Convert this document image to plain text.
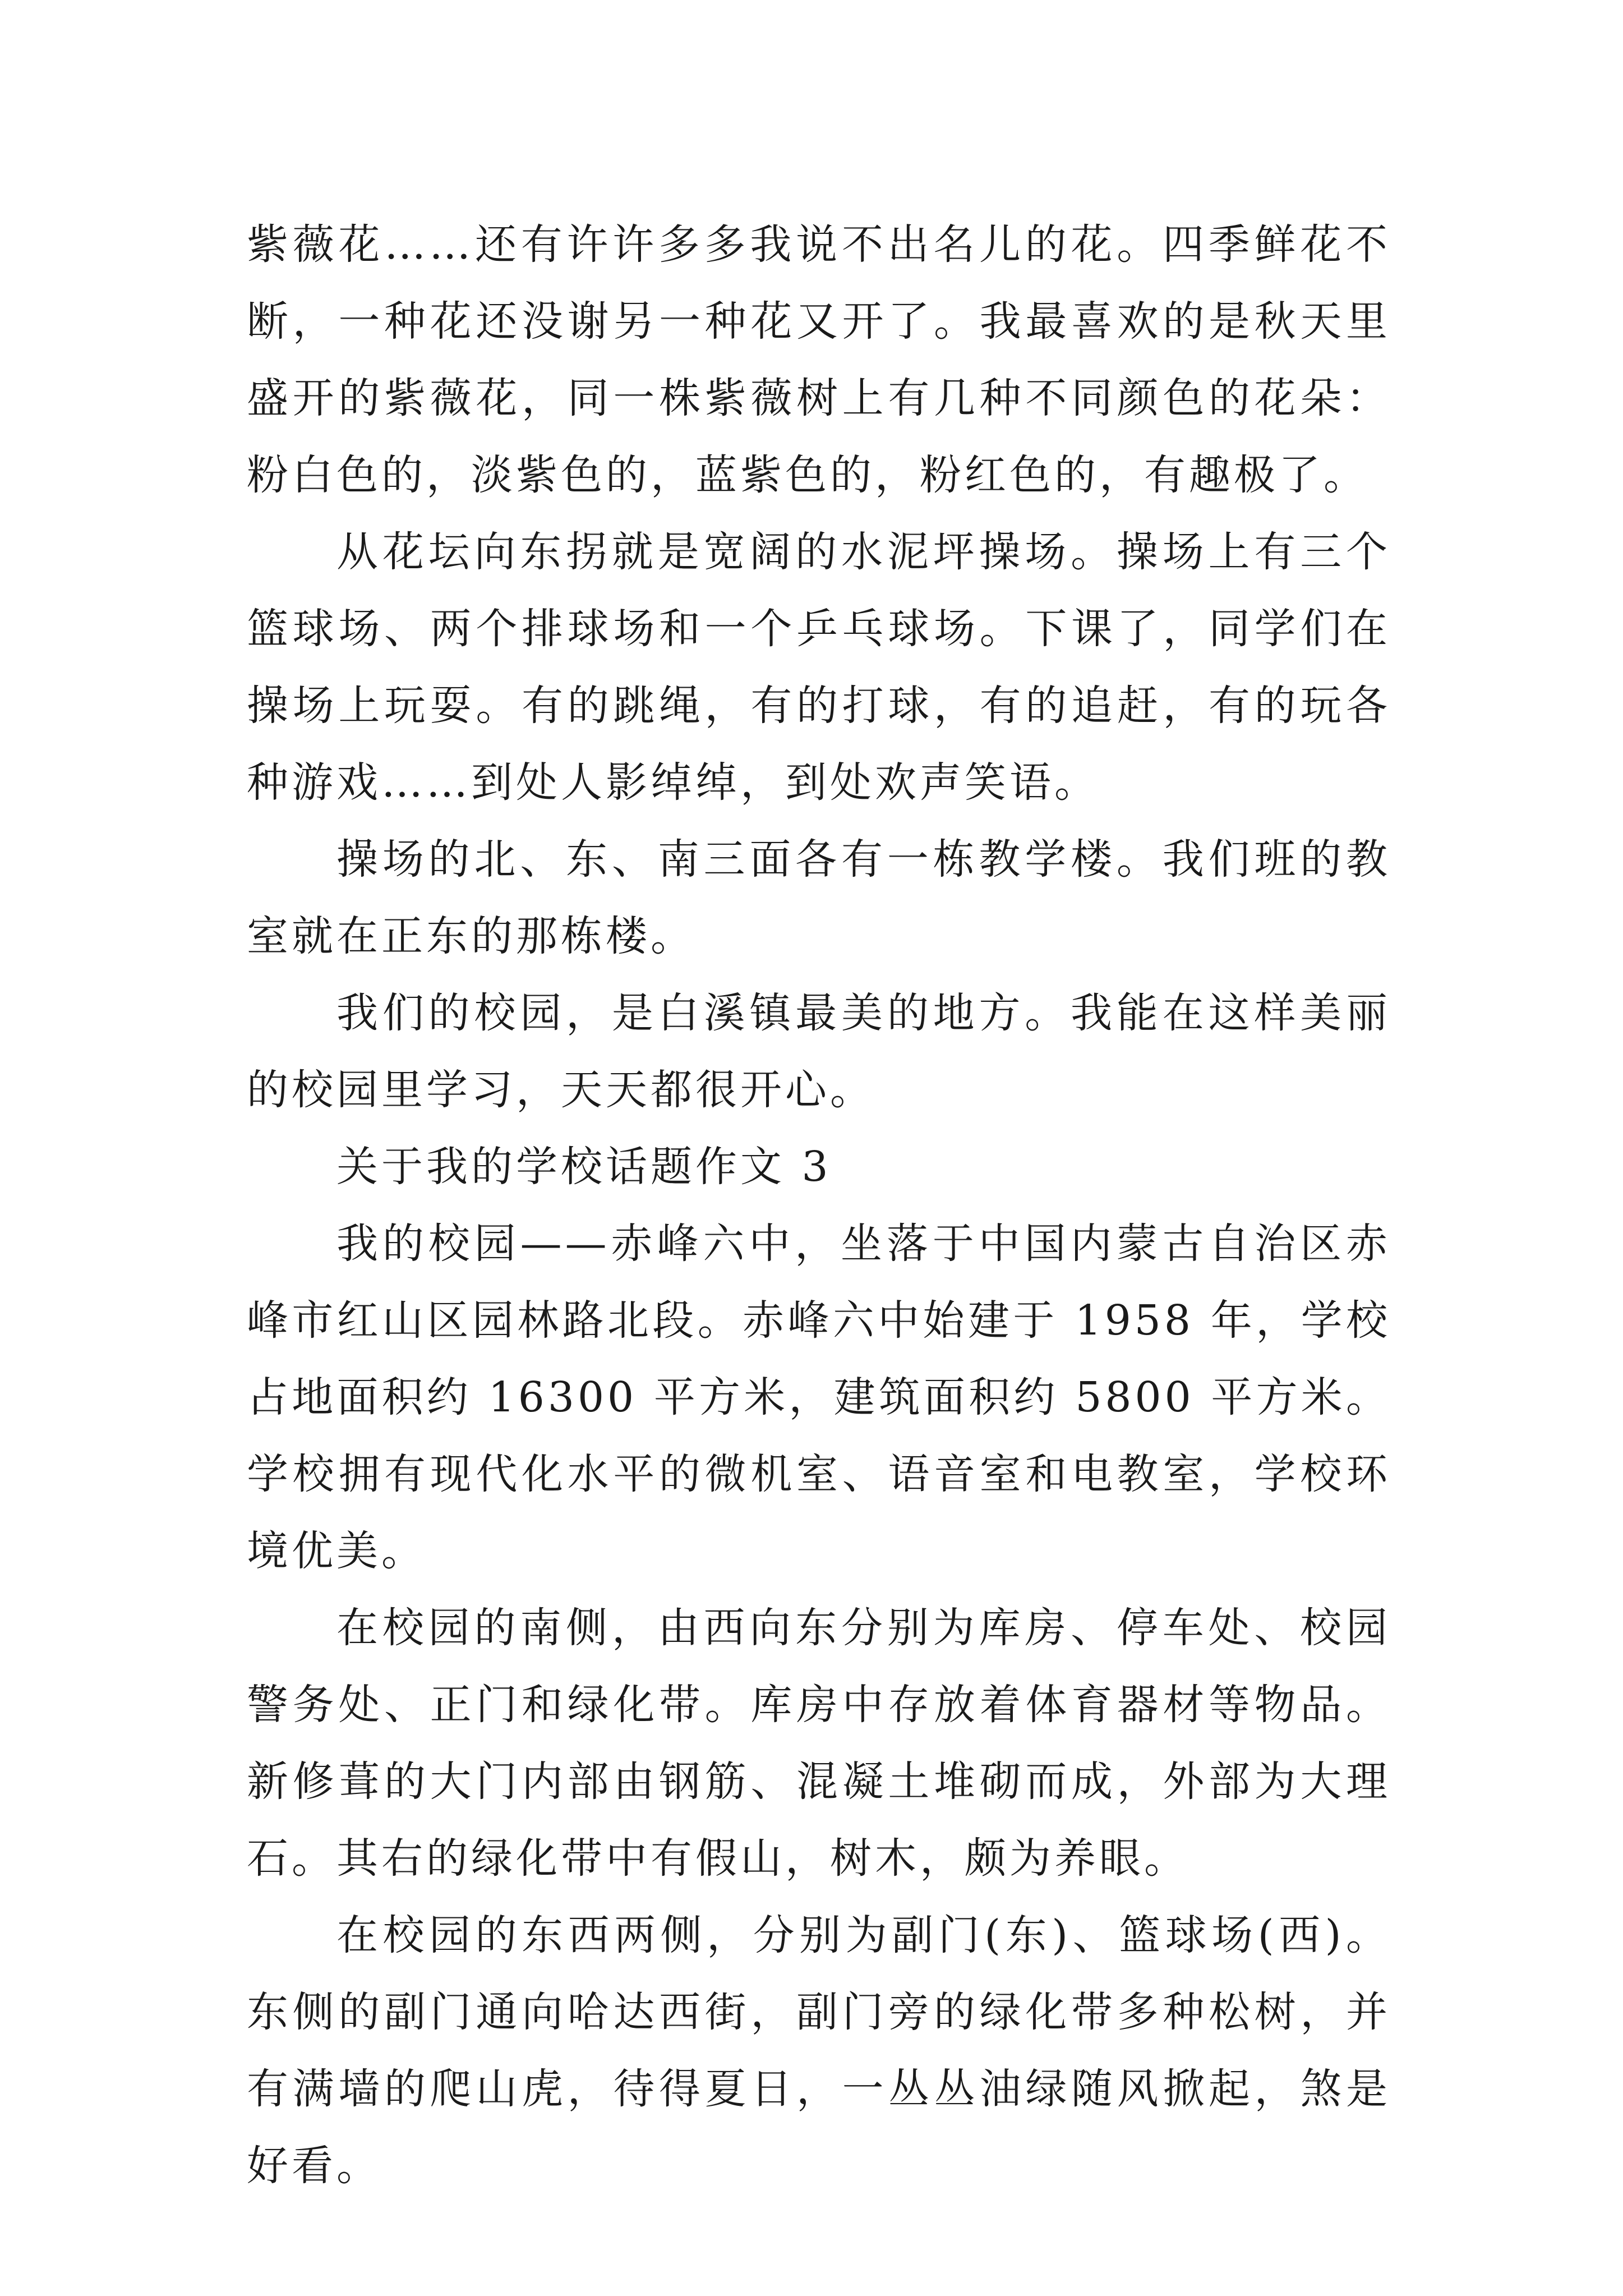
紫薇花……还有许许多多我说不出名儿的花。四季鲜花不断，一种花还没谢另一种花又开了。我最喜欢的是秋天里盛开的紫薇花，同一株紫薇树上有几种不同颜色的花朵：粉白色的，淡紫色的，蓝紫色的，粉红色的，有趣极了。

从花坛向东拐就是宽阔的水泥坪操场。操场上有三个篮球场、两个排球场和一个乒乓球场。下课了，同学们在操场上玩耍。有的跳绳，有的打球，有的追赶，有的玩各种游戏……到处人影绰绰，到处欢声笑语。

操场的北、东、南三面各有一栋教学楼。我们班的教室就在正东的那栋楼。

我们的校园，是白溪镇最美的地方。我能在这样美丽的校园里学习，天天都很开心。

关于我的学校话题作文 3

我的校园——赤峰六中，坐落于中国内蒙古自治区赤峰市红山区园林路北段。赤峰六中始建于 1958 年，学校占地面积约 16300 平方米，建筑面积约 5800 平方米。学校拥有现代化水平的微机室、语音室和电教室，学校环境优美。

在校园的南侧，由西向东分别为库房、停车处、校园警务处、正门和绿化带。库房中存放着体育器材等物品。新修葺的大门内部由钢筋、混凝土堆砌而成，外部为大理石。其右的绿化带中有假山，树木，颇为养眼。

在校园的东西两侧，分别为副门(东)、篮球场(西)。东侧的副门通向哈达西街，副门旁的绿化带多种松树，并有满墙的爬山虎，待得夏日，一丛丛油绿随风掀起，煞是好看。
